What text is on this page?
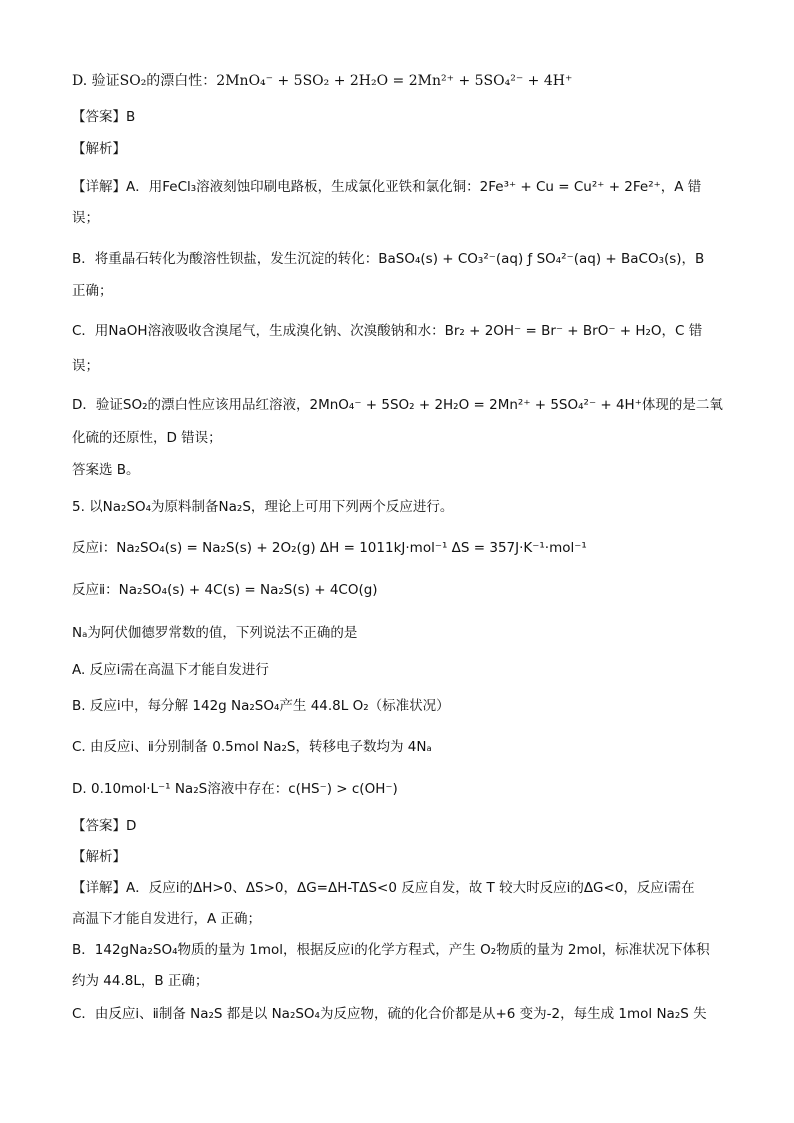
D. 验证SO₂的漂白性：2MnO₄⁻ + 5SO₂ + 2H₂O = 2Mn²⁺ + 5SO₄²⁻ + 4H⁺
【答案】B
【解析】
【详解】A．用FeCl₃溶液刻蚀印刷电路板，生成氯化亚铁和氯化铜：2Fe³⁺ + Cu = Cu²⁺ + 2Fe²⁺，A 错
误；
B．将重晶石转化为酸溶性钡盐，发生沉淀的转化：BaSO₄(s) + CO₃²⁻(aq) ƒ SO₄²⁻(aq) + BaCO₃(s)，B
正确；
C．用NaOH溶液吸收含溴尾气，生成溴化钠、次溴酸钠和水：Br₂ + 2OH⁻ = Br⁻ + BrO⁻ + H₂O，C 错
误；
D．验证SO₂的漂白性应该用品红溶液，2MnO₄⁻ + 5SO₂ + 2H₂O = 2Mn²⁺ + 5SO₄²⁻ + 4H⁺体现的是二氧
化硫的还原性，D 错误；
答案选 B。
5. 以Na₂SO₄为原料制备Na₂S，理论上可用下列两个反应进行。
反应ⅰ：Na₂SO₄(s) = Na₂S(s) + 2O₂(g) ΔH = 1011kJ·mol⁻¹ ΔS = 357J·K⁻¹·mol⁻¹
反应ⅱ：Na₂SO₄(s) + 4C(s) = Na₂S(s) + 4CO(g)
Nₐ为阿伏伽德罗常数的值，下列说法不正确的是
A. 反应ⅰ需在高温下才能自发进行
B. 反应ⅰ中，每分解 142g Na₂SO₄产生 44.8L O₂（标准状况）
C. 由反应ⅰ、ⅱ分别制备 0.5mol Na₂S，转移电子数均为 4Nₐ
D. 0.10mol·L⁻¹ Na₂S溶液中存在：c(HS⁻) > c(OH⁻)
【答案】D
【解析】
【详解】A．反应ⅰ的ΔH>0、ΔS>0，ΔG=ΔH-TΔS<0 反应自发，故 T 较大时反应ⅰ的ΔG<0，反应ⅰ需在
高温下才能自发进行，A 正确；
B．142gNa₂SO₄物质的量为 1mol，根据反应ⅰ的化学方程式，产生 O₂物质的量为 2mol，标准状况下体积
约为 44.8L，B 正确；
C．由反应ⅰ、ⅱ制备 Na₂S 都是以 Na₂SO₄为反应物，硫的化合价都是从+6 变为-2，每生成 1mol Na₂S 失
